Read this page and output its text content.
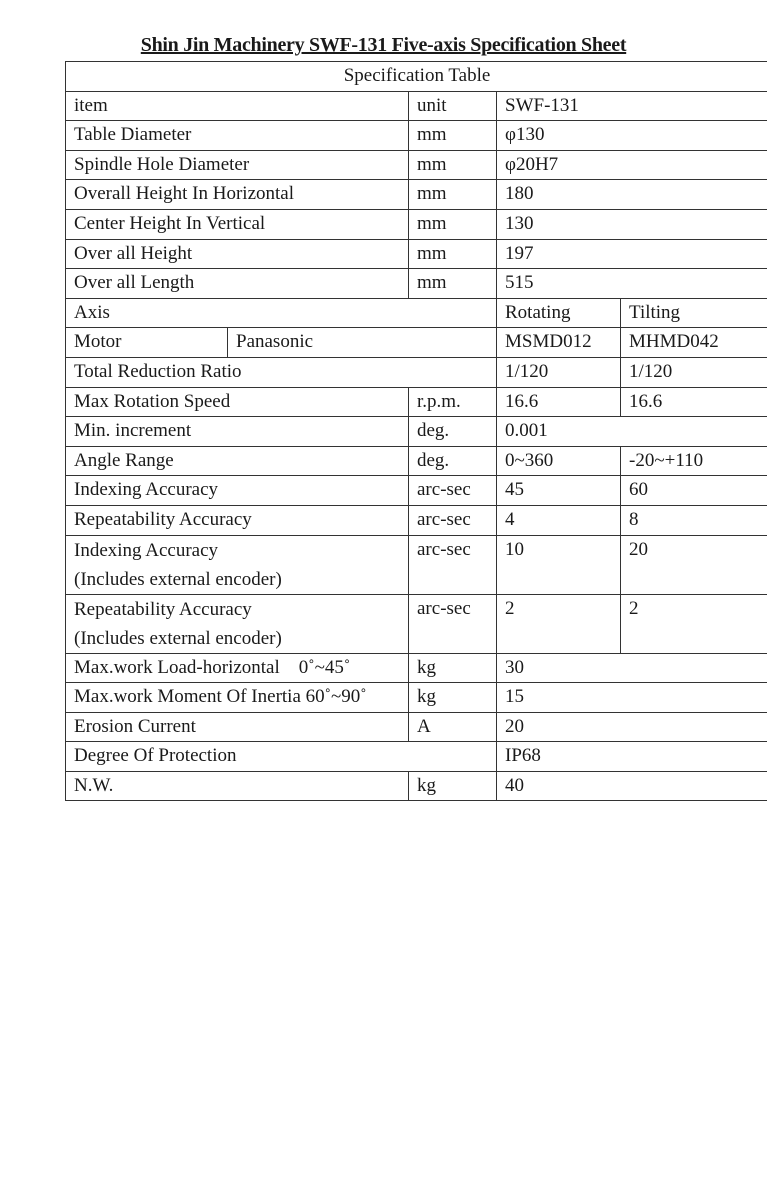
Shin Jin Machinery SWF-131 Five-axis Specification Sheet
Specification Table				
item		unit	SWF-131	
Table Diameter		mm	φ130	
Spindle Hole Diameter		mm	φ20H7	
Overall Height In Horizontal		mm	180	
Center Height In Vertical		mm	130	
Over all Height		mm	197	
Over all Length		mm	515	
Axis			Rotating	Tilting
Motor	Panasonic		MSMD012	MHMD042
Total Reduction Ratio			1/120	1/120
Max Rotation Speed		r.p.m.	16.6	16.6
Min. increment		deg.	0.001	
Angle Range		deg.	0~360	-20~+110
Indexing Accuracy		arc-sec	45	60
Repeatability Accuracy		arc-sec	4	8

Indexing Accuracy
(Includes external encoder)		arc-sec	10	20

Repeatability Accuracy
(Includes external encoder)		arc-sec	2	2
Max.work Load-horizontal    0˚~45˚		kg	30	
Max.work Moment Of Inertia 60˚~90˚		kg	15	
Erosion Current		A	20	
Degree Of Protection			IP68	
N.W.		kg	40	
